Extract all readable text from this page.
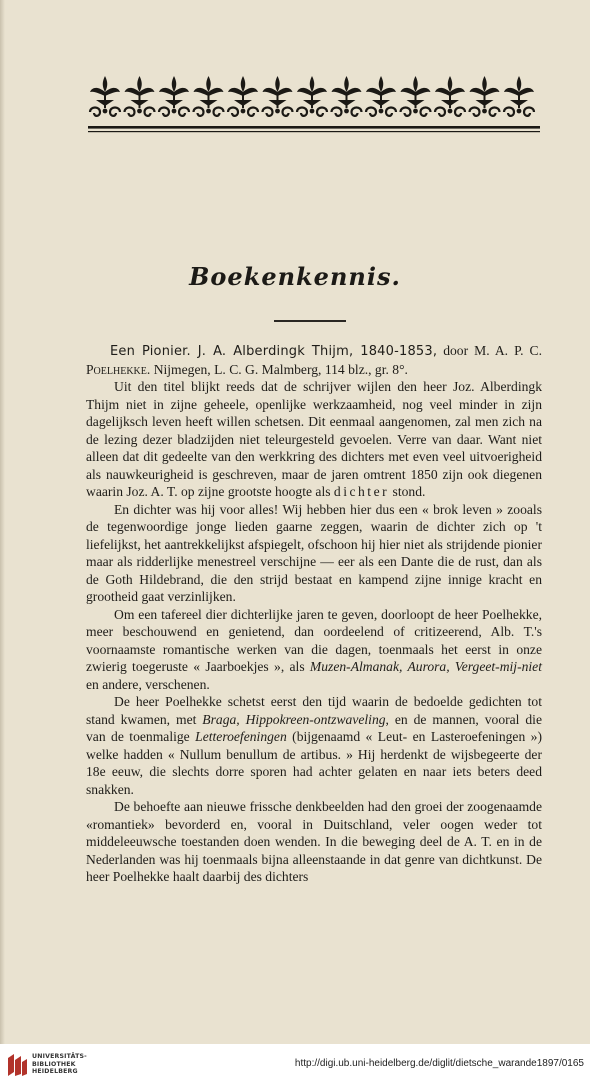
Boekenkennis.

Een Pionier. J. A. Alberdingk Thijm, 1840-1853, door M. A. P. C. Poelhekke. Nijmegen, L. C. G. Malmberg, 114 blz., gr. 8°.

Uit den titel blijkt reeds dat de schrijver wijlen den heer Joz. Alberdingk Thijm niet in zijne geheele, openlijke werkzaamheid, nog veel minder in zijn dagelijksch leven heeft willen schetsen. Dit eenmaal aangenomen, zal men zich na de lezing dezer bladzijden niet teleurgesteld gevoelen. Verre van daar. Want niet alleen dat dit gedeelte van den werkkring des dichters met even veel uitvoerigheid als nauwkeurigheid is geschreven, maar de jaren omtrent 1850 zijn ook diegenen waarin Joz. A. T. op zijne grootste hoogte als dichter stond.

En dichter was hij voor alles! Wij hebben hier dus een « brok leven » zooals de tegenwoordige jonge lieden gaarne zeggen, waarin de dichter zich op 't liefelijkst, het aantrekkelijkst afspiegelt, ofschoon hij hier niet als strijdende pionier maar als ridderlijke menestreel verschijne — eer als een Dante die de rust, dan als de Goth Hildebrand, die den strijd bestaat en kampend zijne innige kracht en grootheid gaat verzinlijken.

Om een tafereel dier dichterlijke jaren te geven, doorloopt de heer Poelhekke, meer beschouwend en genietend, dan oordeelend of critizeerend, Alb. T.'s voornaamste romantische werken van die dagen, toenmaals het eerst in onze zwierig toegeruste « Jaarboekjes », als Muzen-Almanak, Aurora, Vergeet-mij-niet en andere, verschenen.

De heer Poelhekke schetst eerst den tijd waarin de bedoelde gedichten tot stand kwamen, met Braga, Hippokreen-ontzwaveling, en de mannen, vooral die van de toenmalige Letteroefeningen (bijgenaamd « Leut- en Lasteroefeningen ») welke hadden « Nullum benullum de artibus. » Hij herdenkt de wijsbegeerte der 18e eeuw, die slechts dorre sporen had achter gelaten en naar iets beters deed snakken.

De behoefte aan nieuwe frissche denkbeelden had den groei der zoogenaamde «romantiek» bevorderd en, vooral in Duitschland, veler oogen weder tot middeleeuwsche toestanden doen wenden. In die beweging deel de A. T. en in de Nederlanden was hij toenmaals bijna alleenstaande in dat genre van dichtkunst. De heer Poelhekke haalt daarbij des dichters

UNIVERSITÄTS-
BIBLIOTHEK
HEIDELBERG
http://digi.ub.uni-heidelberg.de/diglit/dietsche_warande1897/0165
